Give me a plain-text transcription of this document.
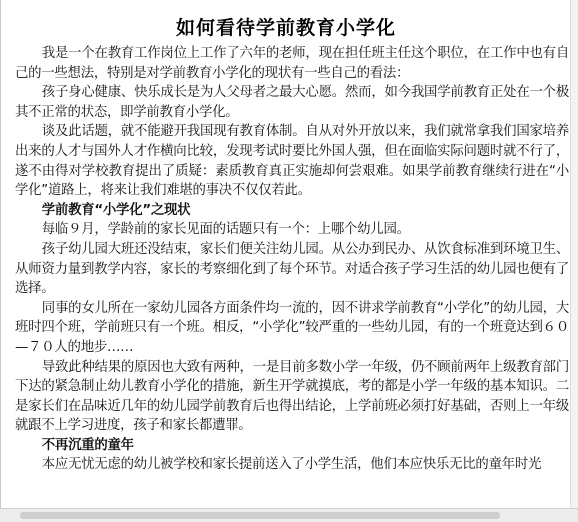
如何看待学前教育小学化

我是一个在教育工作岗位上工作了六年的老师，现在担任班主任这个职位，在工作中也有自己的一些想法，特别是对学前教育小学化的现状有一些自己的看法：

孩子身心健康、快乐成长是为人父母者之最大心愿。然而，如今我国学前教育正处在一个极其不正常的状态，即学前教育小学化。

谈及此话题，就不能避开我国现有教育体制。自从对外开放以来，我们就常拿我们国家培养出来的人才与国外人才作横向比较，发现考试时要比外国人强，但在面临实际问题时就不行了，遂不由得对学校教育提出了质疑：素质教育真正实施却何尝艰难。如果学前教育继续行进在“小学化”道路上，将来让我们难堪的事决不仅仅若此。

学前教育“小学化”之现状

每临９月，学龄前的家长见面的话题只有一个：上哪个幼儿园。

孩子幼儿园大班还没结束，家长们便关注幼儿园。从公办到民办、从饮食标准到环境卫生、从师资力量到教学内容，家长的考察细化到了每个环节。对适合孩子学习生活的幼儿园也便有了选择。

同事的女儿所在一家幼儿园各方面条件均一流的，因不讲求学前教育“小学化”的幼儿园，大班时四个班，学前班只有一个班。相反，“小学化”较严重的一些幼儿园，有的一个班竟达到６０—７０人的地步……

导致此种结果的原因也大致有两种，一是目前多数小学一年级，仍不顾前两年上级教育部门下达的紧急制止幼儿教育小学化的措施，新生开学就摸底，考的都是小学一年级的基本知识。二是家长们在品味近几年的幼儿园学前教育后也得出结论，上学前班必须打好基础，否则上一年级就跟不上学习进度，孩子和家长都遭罪。

不再沉重的童年

本应无忧无虑的幼儿被学校和家长提前送入了小学生活，他们本应快乐无比的童年时光
